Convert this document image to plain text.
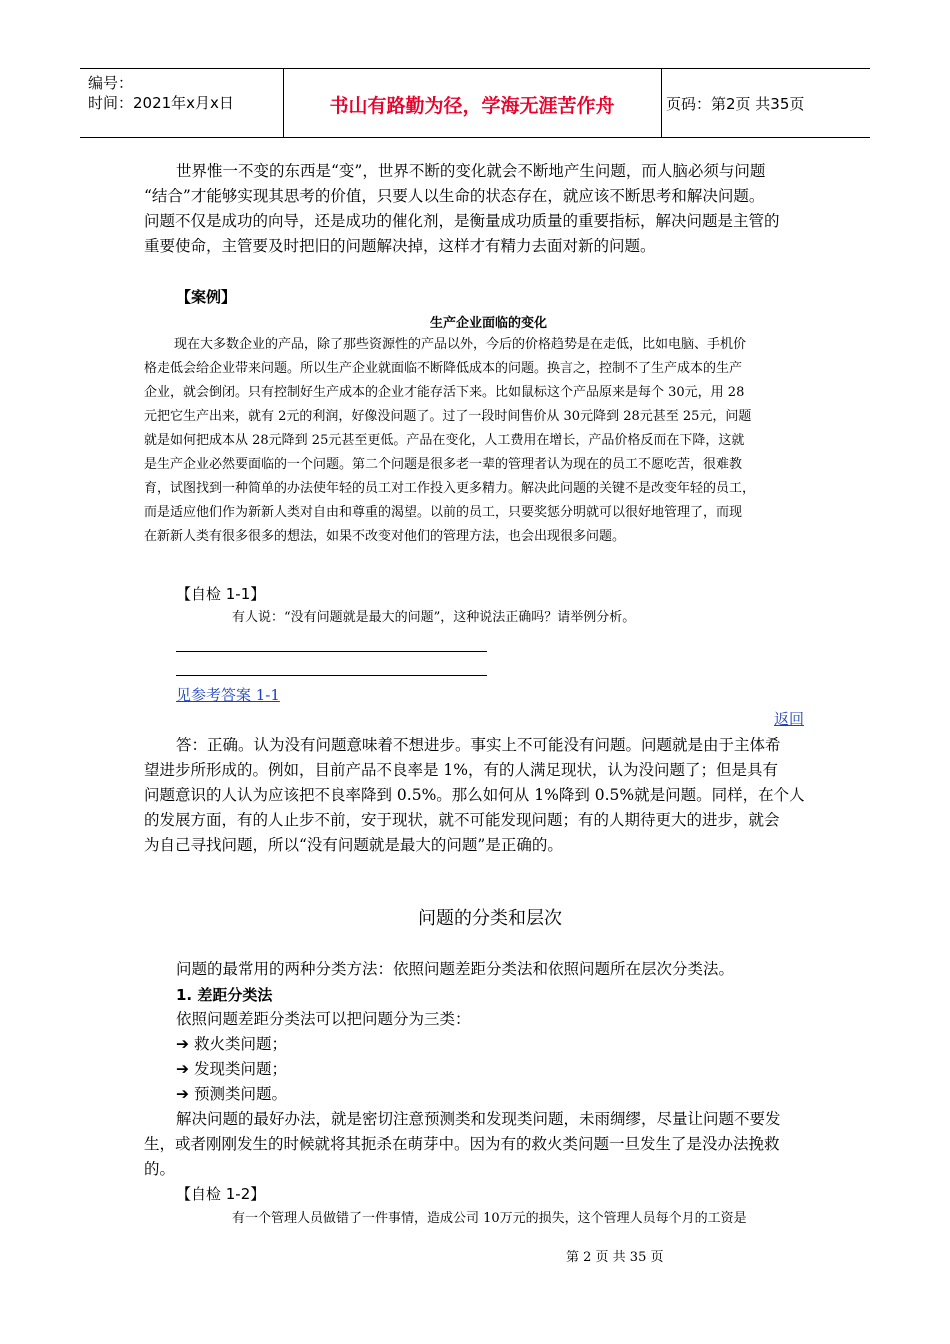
编号：
时间：2021年x月x日	书山有路勤为径，学海无涯苦作舟	页码：第2页 共35页
世界惟一不变的东西是“变”，世界不断的变化就会不断地产生问题，而人脑必须与问题
“结合”才能够实现其思考的价值，只要人以生命的状态存在，就应该不断思考和解决问题。
问题不仅是成功的向导，还是成功的催化剂，是衡量成功质量的重要指标，解决问题是主管的
重要使命，主管要及时把旧的问题解决掉，这样才有精力去面对新的问题。
【案例】
生产企业面临的变化
现在大多数企业的产品，除了那些资源性的产品以外，今后的价格趋势是在走低，比如电脑、手机价
格走低会给企业带来问题。所以生产企业就面临不断降低成本的问题。换言之，控制不了生产成本的生产
企业，就会倒闭。只有控制好生产成本的企业才能存活下来。比如鼠标这个产品原来是每个 30元，用 28
元把它生产出来，就有 2元的利润，好像没问题了。过了一段时间售价从 30元降到 28元甚至 25元，问题
就是如何把成本从 28元降到 25元甚至更低。产品在变化，人工费用在增长，产品价格反而在下降，这就
是生产企业必然要面临的一个问题。第二个问题是很多老一辈的管理者认为现在的员工不愿吃苦，很难教
育，试图找到一种简单的办法使年轻的员工对工作投入更多精力。解决此问题的关键不是改变年轻的员工，
而是适应他们作为新新人类对自由和尊重的渴望。以前的员工，只要奖惩分明就可以很好地管理了，而现
在新新人类有很多很多的想法，如果不改变对他们的管理方法，也会出现很多问题。
【自检 1-1】
有人说：“没有问题就是最大的问题”，这种说法正确吗？请举例分析。
见参考答案 1-1
返回
答：正确。认为没有问题意味着不想进步。事实上不可能没有问题。问题就是由于主体希
望进步所形成的。例如，目前产品不良率是 1%，有的人满足现状，认为没问题了；但是具有
问题意识的人认为应该把不良率降到 0.5%。那么如何从 1%降到 0.5%就是问题。同样，在个人
的发展方面，有的人止步不前，安于现状，就不可能发现问题；有的人期待更大的进步，就会
为自己寻找问题，所以“没有问题就是最大的问题”是正确的。
问题的分类和层次
问题的最常用的两种分类方法：依照问题差距分类法和依照问题所在层次分类法。
1. 差距分类法
依照问题差距分类法可以把问题分为三类：
➔ 救火类问题；
➔ 发现类问题；
➔ 预测类问题。
解决问题的最好办法，就是密切注意预测类和发现类问题，未雨绸缪，尽量让问题不要发
生，或者刚刚发生的时候就将其扼杀在萌芽中。因为有的救火类问题一旦发生了是没办法挽救
的。
【自检 1-2】
有一个管理人员做错了一件事情，造成公司 10万元的损失，这个管理人员每个月的工资是
第 2 页 共 35 页
